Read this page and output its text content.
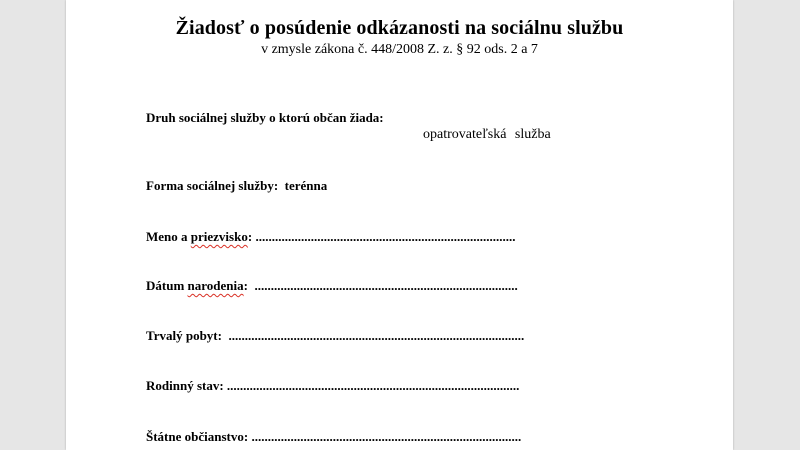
Žiadosť o posúdenie odkázanosti na sociálnu službu
v zmysle zákona č. 448/2008 Z. z. § 92 ods. 2 a 7
Druh sociálnej služby o ktorú občan žiada:
opatrovateľská služba
Forma sociálnej služby: terénna
Meno a priezvisko: ................................................................................
Dátum narodenia: .................................................................................
Trvalý pobyt: ...........................................................................................
Rodinný stav: ..........................................................................................
Štátne občianstvo: ...................................................................................
